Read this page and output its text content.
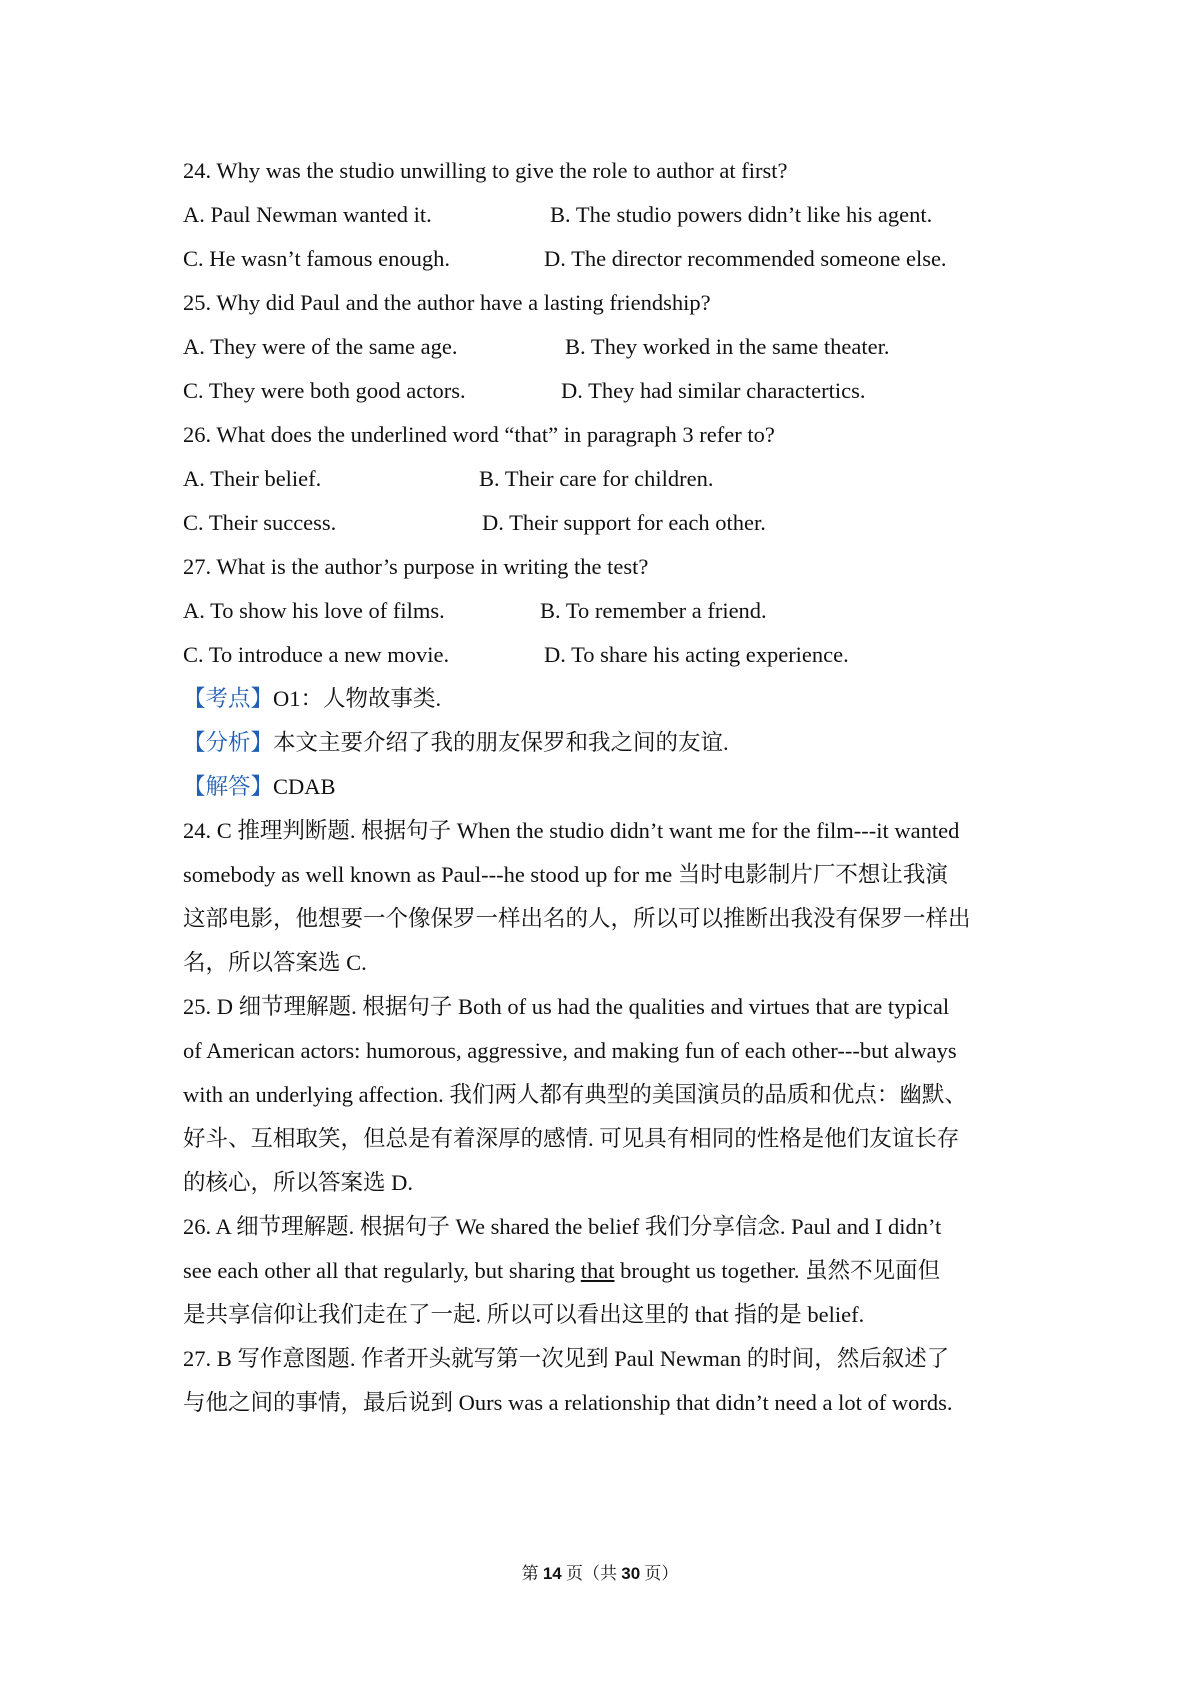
24. Why was the studio unwilling to give the role to author at first?
A. Paul Newman wanted it.	B. The studio powers didn’t like his agent.
C. He wasn’t famous enough.	D. The director recommended someone else.
25. Why did Paul and the author have a lasting friendship?
A. They were of the same age.	B. They worked in the same theater.
C. They were both good actors.	D. They had similar charactertics.
26. What does the underlined word “that” in paragraph 3 refer to?
A. Their belief.	B. Their care for children.
C. Their success.	D. Their support for each other.
27. What is the author’s purpose in writing the test?
A. To show his love of films.	B. To remember a friend.
C. To introduce a new movie.	D. To share his acting experience.
【考点】O1：人物故事类.
【分析】本文主要介绍了我的朋友保罗和我之间的友谊.
【解答】CDAB
24. C 推理判断题. 根据句子 When the studio didn’t want me for the film---it wanted
somebody as well known as Paul---he stood up for me 当时电影制片厂不想让我演
这部电影，他想要一个像保罗一样出名的人，所以可以推断出我没有保罗一样出
名，所以答案选 C.
25. D 细节理解题. 根据句子 Both of us had the qualities and virtues that are typical
of American actors: humorous, aggressive, and making fun of each other---but always
with an underlying affection. 我们两人都有典型的美国演员的品质和优点：幽默、
好斗、互相取笑，但总是有着深厚的感情. 可见具有相同的性格是他们友谊长存
的核心，所以答案选 D.
26. A 细节理解题. 根据句子 We shared the belief 我们分享信念. Paul and I didn’t
see each other all that regularly, but sharing that brought us together. 虽然不见面但
是共享信仰让我们走在了一起. 所以可以看出这里的 that 指的是 belief.
27. B 写作意图题. 作者开头就写第一次见到 Paul Newman 的时间，然后叙述了
与他之间的事情，最后说到 Ours was a relationship that didn’t need a lot of words.
第 14 页（共 30 页）
